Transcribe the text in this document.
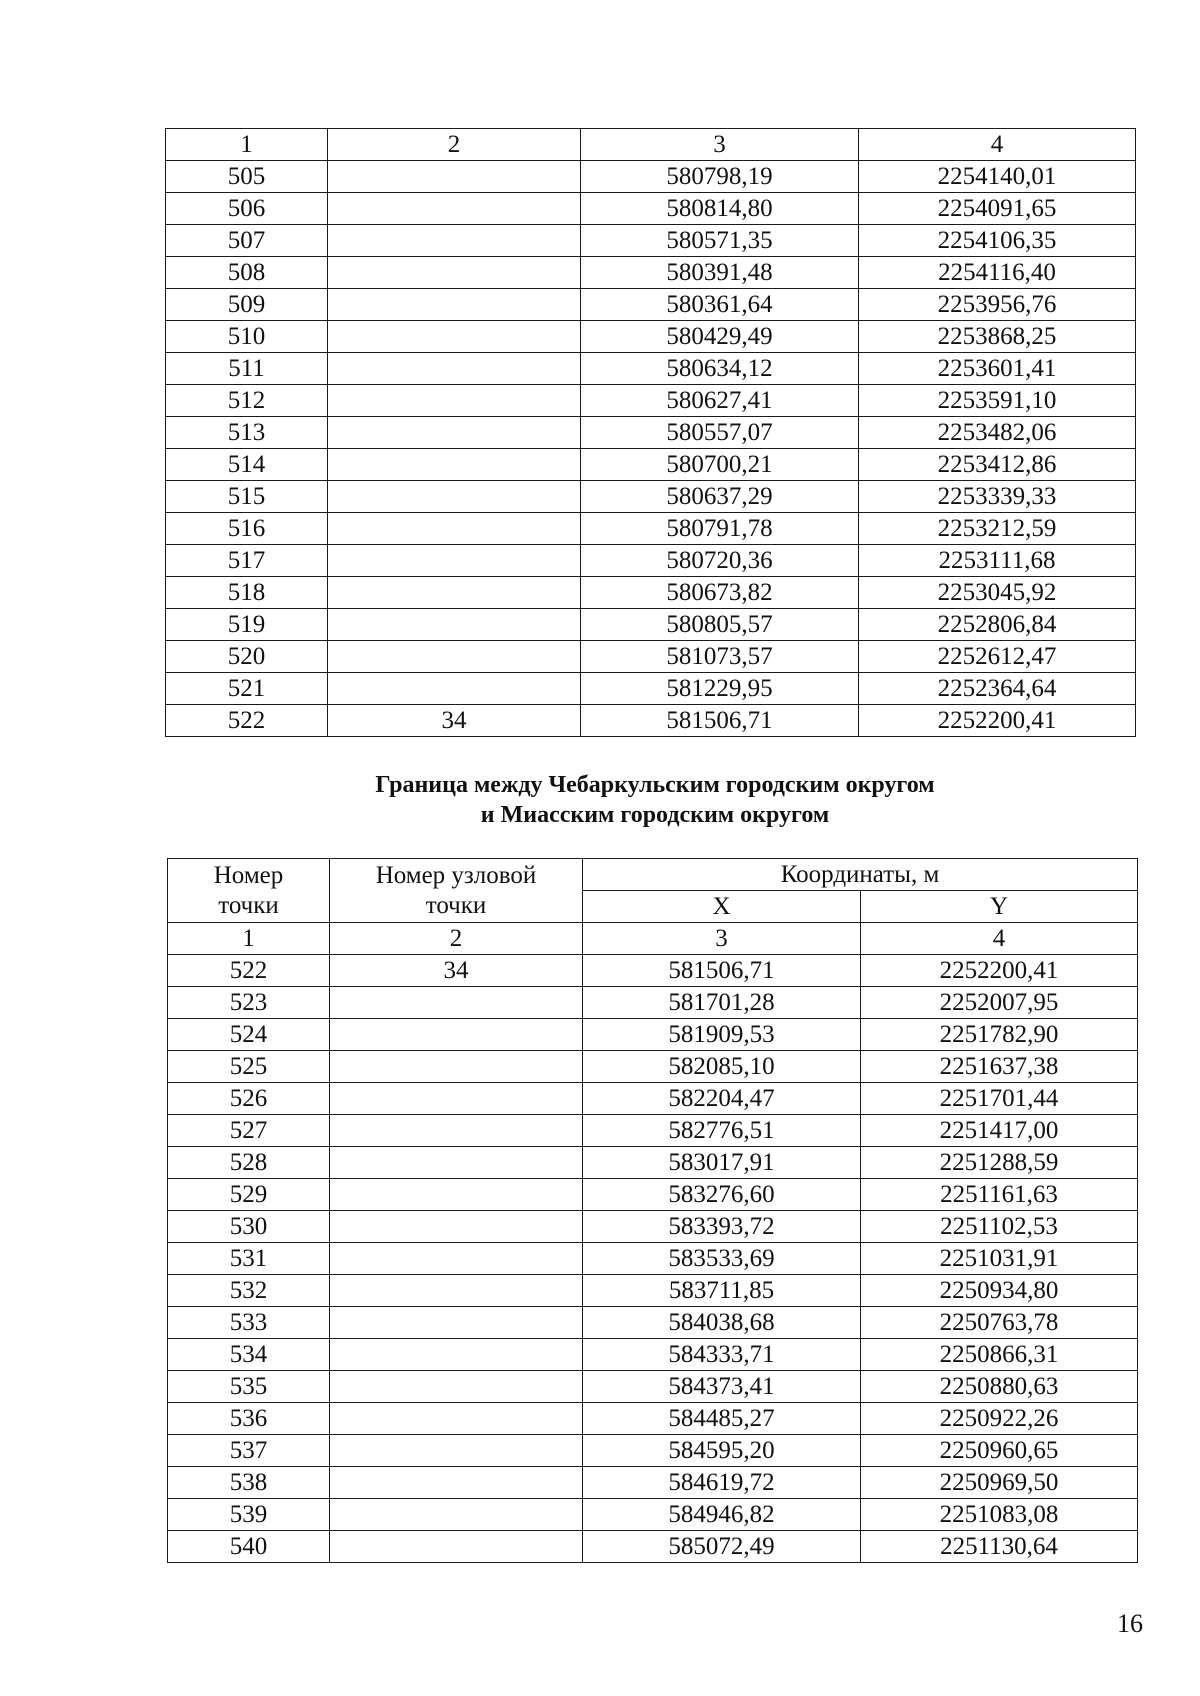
1	2	3	4
505		580798,19	2254140,01
506		580814,80	2254091,65
507		580571,35	2254106,35
508		580391,48	2254116,40
509		580361,64	2253956,76
510		580429,49	2253868,25
511		580634,12	2253601,41
512		580627,41	2253591,10
513		580557,07	2253482,06
514		580700,21	2253412,86
515		580637,29	2253339,33
516		580791,78	2253212,59
517		580720,36	2253111,68
518		580673,82	2253045,92
519		580805,57	2252806,84
520		581073,57	2252612,47
521		581229,95	2252364,64
522	34	581506,71	2252200,41
Граница между Чебаркульским городским округом
и Миасским городским округом
Номер точки	Номер узловой точки	Координаты, м	
		X	Y
1	2	3	4
522	34	581506,71	2252200,41
523		581701,28	2252007,95
524		581909,53	2251782,90
525		582085,10	2251637,38
526		582204,47	2251701,44
527		582776,51	2251417,00
528		583017,91	2251288,59
529		583276,60	2251161,63
530		583393,72	2251102,53
531		583533,69	2251031,91
532		583711,85	2250934,80
533		584038,68	2250763,78
534		584333,71	2250866,31
535		584373,41	2250880,63
536		584485,27	2250922,26
537		584595,20	2250960,65
538		584619,72	2250969,50
539		584946,82	2251083,08
540		585072,49	2251130,64
16
